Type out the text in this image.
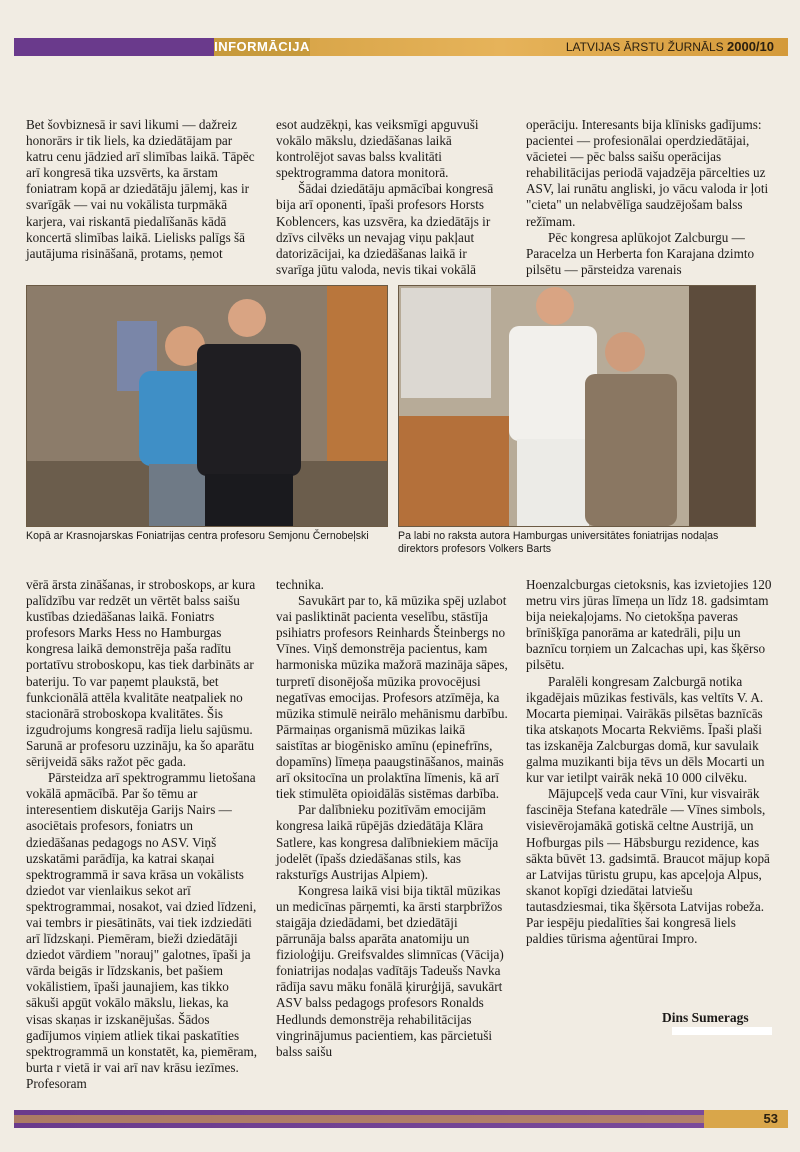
INFORMĀCIJA	LATVIJAS ĀRSTU ŽURNĀLS 2000/10

Bet šovbiznesā ir savi likumi — dažreiz honorārs ir tik liels, ka dziedātājam par katru cenu jādzied arī slimības laikā. Tāpēc arī kongresā tika uzsvērts, ka ārstam foniatram kopā ar dziedātāju jālemj, kas ir svarīgāk — vai nu vokālista turpmākā karjera, vai riskantā piedalīšanās kādā koncertā slimības laikā. Lielisks palīgs šā jautājuma risināšanā, protams, ņemot

esot audzēkņi, kas veiksmīgi apguvuši vokālo mākslu, dziedāšanas laikā kontrolējot savas balss kvalitāti spektrogramma datora monitorā.

Šādai dziedātāju apmācībai kongresā bija arī oponenti, īpaši profesors Horsts Koblencers, kas uzsvēra, ka dziedātājs ir dzīvs cilvēks un nevajag viņu pakļaut datorizācijai, ka dziedāšanas laikā ir svarīga jūtu valoda, nevis tikai vokālā

operāciju. Interesants bija klīnisks gadījums: pacientei — profesionālai operdziedātājai, vācietei — pēc balss saišu operācijas rehabilitācijas periodā vajadzēja pārcelties uz ASV, lai runātu angliski, jo vācu valoda ir ļoti "cieta" un nelabvēlīga saudzējošam balss režīmam.

Pēc kongresa aplūkojot Zalcburgu — Paracelza un Herberta fon Karajana dzimto pilsētu — pārsteidza varenais

Kopā ar Krasnojarskas Foniatrijas centra profesoru Semjonu Černobeļski	Pa labi no raksta autora Hamburgas universitātes foniatrijas nodaļas direktors profesors Volkers Barts

vērā ārsta zināšanas, ir stroboskops, ar kura palīdzību var redzēt un vērtēt balss saišu kustības dziedāšanas laikā. Foniatrs profesors Marks Hess no Hamburgas kongresa laikā demonstrēja paša radītu portatīvu stroboskopu, kas tiek darbināts ar bateriju. To var paņemt plaukstā, bet funkcionālā attēla kvalitāte neatpaliek no stacionārā stroboskopa kvalitātes. Šis izgudrojums kongresā radīja lielu sajūsmu. Sarunā ar profesoru uzzināju, ka šo aparātu sērijveidā sāks ražot pēc gada.

Pārsteidza arī spektrogrammu lietošana vokālā apmācībā. Par šo tēmu ar interesentiem diskutēja Garijs Nairs — asociētais profesors, foniatrs un dziedāšanas pedagogs no ASV. Viņš uzskatāmi parādīja, ka katrai skaņai spektrogrammā ir sava krāsa un vokālists dziedot var vienlaikus sekot arī spektrogrammai, nosakot, vai dzied līdzeni, vai tembrs ir piesātināts, vai tiek izdziedāti arī līdzskaņi. Piemēram, bieži dziedātāji dziedot vārdiem "norauj" galotnes, īpaši ja vārda beigās ir līdzskanis, bet pašiem vokālistiem, īpaši jaunajiem, kas tikko sākuši apgūt vokālo mākslu, liekas, ka visas skaņas ir izskanējušas. Šādos gadījumos viņiem atliek tikai paskatīties spektrogrammā un konstatēt, ka, piemēram, burta r vietā ir vai arī nav krāsu iezīmes. Profesoram

technika.

Savukārt par to, kā mūzika spēj uzlabot vai pasliktināt pacienta veselību, stāstīja psihiatrs profesors Reinhards Šteinbergs no Vīnes. Viņš demonstrēja pacientus, kam harmoniska mūzika mažorā mazināja sāpes, turpretī disonējoša mūzika provocējusi negatīvas emocijas. Profesors atzīmēja, ka mūzika stimulē neirālo mehānismu darbību. Pārmaiņas organismā mūzikas laikā saistītas ar biogēnisko amīnu (epinefrīns, dopamīns) līmeņa paaugstināšanos, mainās arī oksitocīna un prolaktīna līmenis, kā arī tiek stimulēta opioidālās sistēmas darbība.

Par dalībnieku pozitīvām emocijām kongresa laikā rūpējās dziedātāja Klāra Satlere, kas kongresa dalībniekiem mācīja jodelēt (īpašs dziedāšanas stils, kas raksturīgs Austrijas Alpiem).

Kongresa laikā visi bija tiktāl mūzikas un medicīnas pārņemti, ka ārsti starpbrīžos staigāja dziedādami, bet dziedātāji pārrunāja balss aparāta anatomiju un fizioloģiju. Greifsvaldes slimnīcas (Vācija) foniatrijas nodaļas vadītājs Tadeušs Navka rādīja savu māku fonālā ķirurģijā, savukārt ASV balss pedagogs profesors Ronalds Hedlunds demonstrēja rehabilitācijas vingrinājumus pacientiem, kas pārcietuši balss saišu

Hoenzalcburgas cietoksnis, kas izvietojies 120 metru virs jūras līmeņa un līdz 18. gadsimtam bija neiekaļojams. No cietokšņa paveras brīnišķīga panorāma ar katedrāli, piļu un baznīcu torņiem un Zalcachas upi, kas šķērso pilsētu.

Paralēli kongresam Zalcburgā notika ikgadējais mūzikas festivāls, kas veltīts V. A. Mocarta piemiņai. Vairākās pilsētas baznīcās tika atskaņots Mocarta Rekviēms. Īpaši plaši tas izskanēja Zalcburgas domā, kur savulaik galma muzikanti bija tēvs un dēls Mocarti un kur var ietilpt vairāk nekā 10 000 cilvēku.

Mājupceļš veda caur Vīni, kur visvairāk fascinēja Stefana katedrāle — Vīnes simbols, visievērojamākā gotiskā celtne Austrijā, un Hofburgas pils — Hābsburgu rezidence, kas sākta būvēt 13. gadsimtā. Braucot mājup kopā ar Latvijas tūristu grupu, kas apceļoja Alpus, skanot kopīgi dziedātai latviešu tautasdziesmai, tika šķērsota Latvijas robeža. Par iespēju piedalīties šai kongresā liels paldies tūrisma aģentūrai Impro.

Dins Sumerags
53
